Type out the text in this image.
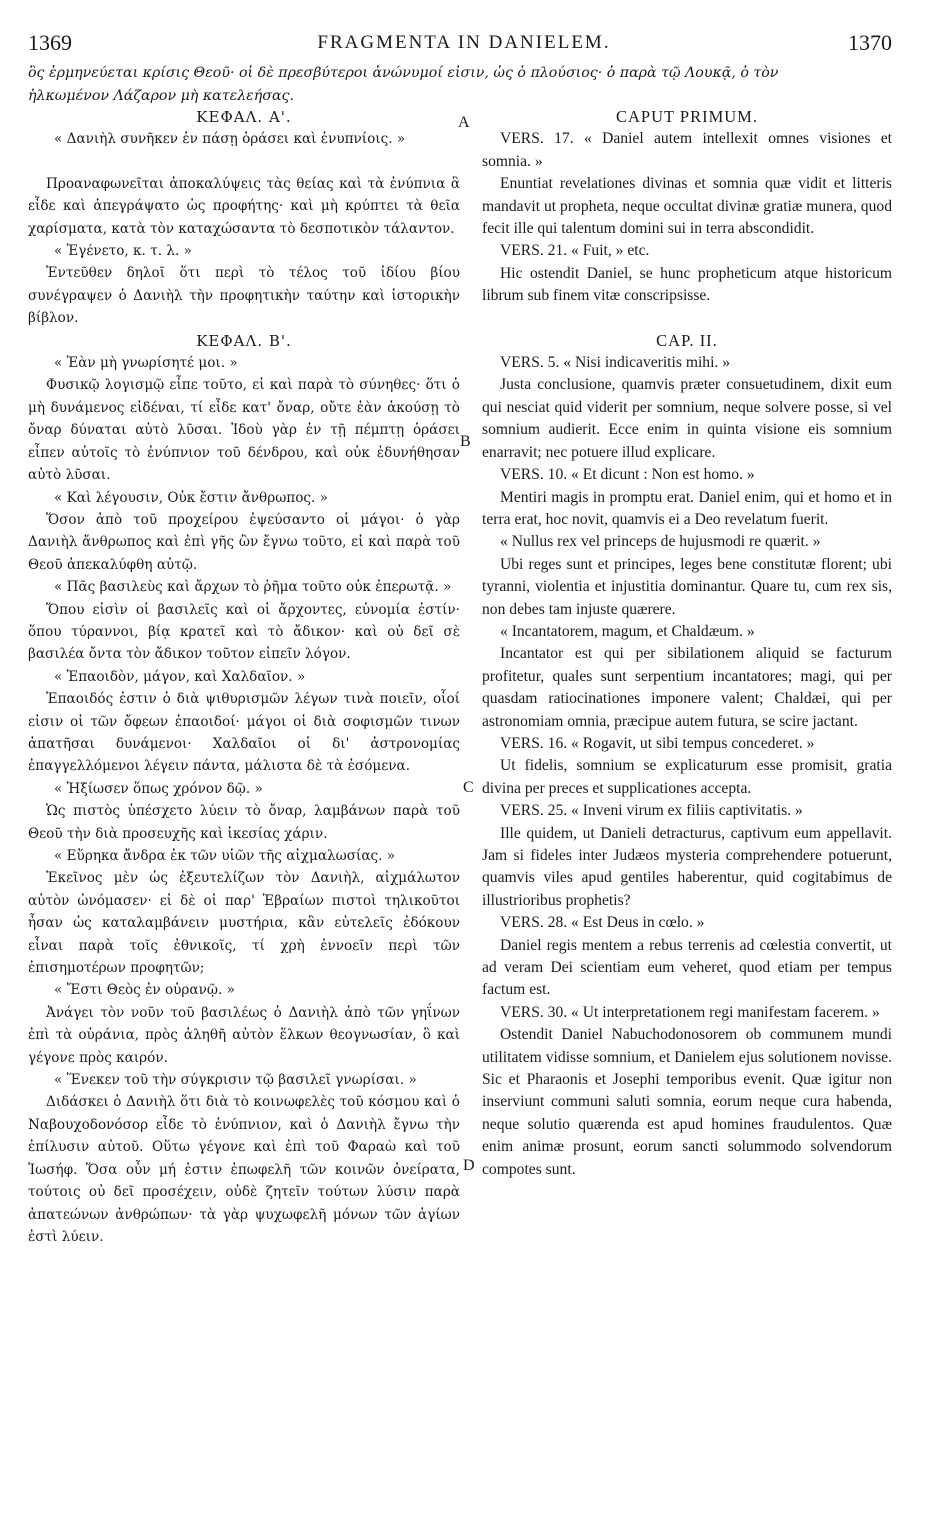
1369	FRAGMENTA IN DANIELEM.	1370

ὃς ἑρμηνεύεται κρίσις Θεοῦ· οἱ δὲ πρεσβύτεροι ἀνώνυμοί εἰσιν, ὡς ὁ πλούσιος· ὁ παρὰ τῷ Λουκᾷ, ὁ τὸν

ἡλκωμένον Λάζαρον μὴ κατελεήσας.

ΚΕΦΑΛ. Α'.

« Δανιὴλ συνῆκεν ἐν πάσῃ ὁράσει καὶ ἐνυπνίοις. »

Προαναφωνεῖται ἀποκαλύψεις τὰς θείας καὶ τὰ ἐνύπνια ἃ εἶδε καὶ ἀπεγράψατο ὡς προφήτης· καὶ μὴ κρύπτει τὰ θεῖα χαρίσματα, κατὰ τὸν καταχώσαντα τὸ δεσποτικὸν τάλαντον.

« Ἐγένετο, κ. τ. λ. »

Ἐντεῦθεν δηλοῖ ὅτι περὶ τὸ τέλος τοῦ ἰδίου βίου συνέγραψεν ὁ Δανιὴλ τὴν προφητικὴν ταύτην καὶ ἱστορικὴν βίβλον.

ΚΕΦΑΛ. Β'.

« Ἐὰν μὴ γνωρίσητέ μοι. »

Φυσικῷ λογισμῷ εἶπε τοῦτο, εἰ καὶ παρὰ τὸ σύνηθες· ὅτι ὁ μὴ δυνάμενος εἰδέναι, τί εἶδε κατ' ὄναρ, οὔτε ἐὰν ἀκούσῃ τὸ ὄναρ δύναται αὐτὸ λῦσαι. Ἰδοὺ γὰρ ἐν τῇ πέμπτῃ ὁράσει εἶπεν αὐτοῖς τὸ ἐνύπνιον τοῦ δένδρου, καὶ οὐκ ἐδυνήθησαν αὐτὸ λῦσαι.

« Καὶ λέγουσιν, Οὐκ ἔστιν ἄνθρωπος. »

Ὅσον ἀπὸ τοῦ προχείρου ἐψεύσαντο οἱ μάγοι· ὁ γὰρ Δανιὴλ ἄνθρωπος καὶ ἐπὶ γῆς ὢν ἔγνω τοῦτο, εἰ καὶ παρὰ τοῦ Θεοῦ ἀπεκαλύφθη αὐτῷ.

« Πᾶς βασιλεὺς καὶ ἄρχων τὸ ῥῆμα τοῦτο οὐκ ἐπερωτᾷ. »

Ὅπου εἰσὶν οἱ βασιλεῖς καὶ οἱ ἄρχοντες, εὐνομία ἐστίν· ὅπου τύραννοι, βίᾳ κρατεῖ καὶ τὸ ἄδικον· καὶ οὐ δεῖ σὲ βασιλέα ὄντα τὸν ἄδικον τοῦτον εἰπεῖν λόγον.

« Ἐπαοιδὸν, μάγον, καὶ Χαλδαῖον. »

Ἐπαοιδός ἐστιν ὁ διὰ ψιθυρισμῶν λέγων τινὰ ποιεῖν, οἷοί εἰσιν οἱ τῶν ὄφεων ἐπαοιδοί· μάγοι οἱ διὰ σοφισμῶν τινων ἀπατῆσαι δυνάμενοι· Χαλδαῖοι οἱ δι' ἀστρονομίας ἐπαγγελλόμενοι λέγειν πάντα, μάλιστα δὲ τὰ ἐσόμενα.

« Ἠξίωσεν ὅπως χρόνον δῷ. »

Ὡς πιστὸς ὑπέσχετο λύειν τὸ ὄναρ, λαμβάνων παρὰ τοῦ Θεοῦ τὴν διὰ προσευχῆς καὶ ἱκεσίας χάριν.

« Εὕρηκα ἄνδρα ἐκ τῶν υἱῶν τῆς αἰχμαλωσίας. »

Ἐκεῖνος μὲν ὡς ἐξευτελίζων τὸν Δανιὴλ, αἰχμάλωτον αὐτὸν ὠνόμασεν· εἰ δὲ οἱ παρ' Ἑβραίων πιστοὶ τηλικοῦτοι ἦσαν ὡς καταλαμβάνειν μυστήρια, κἂν εὐτελεῖς ἐδόκουν εἶναι παρὰ τοῖς ἐθνικοῖς, τί χρὴ ἐννοεῖν περὶ τῶν ἐπισημοτέρων προφητῶν;

« Ἔστι Θεὸς ἐν οὐρανῷ. »

Ἀνάγει τὸν νοῦν τοῦ βασιλέως ὁ Δανιὴλ ἀπὸ τῶν γηΐνων ἐπὶ τὰ οὐράνια, πρὸς ἀληθῆ αὐτὸν ἕλκων θεογνωσίαν, ὃ καὶ γέγονε πρὸς καιρόν.

« Ἕνεκεν τοῦ τὴν σύγκρισιν τῷ βασιλεῖ γνωρίσαι. »

Διδάσκει ὁ Δανιὴλ ὅτι διὰ τὸ κοινωφελὲς τοῦ κόσμου καὶ ὁ Ναβουχοδονόσορ εἶδε τὸ ἐνύπνιον, καὶ ὁ Δανιὴλ ἔγνω τὴν ἐπίλυσιν αὐτοῦ. Οὕτω γέγονε καὶ ἐπὶ τοῦ Φαραὼ καὶ τοῦ Ἰωσήφ. Ὅσα οὖν μή ἐστιν ἐπωφελῆ τῶν κοινῶν ὀνείρατα, τούτοις οὐ δεῖ προσέχειν, οὐδὲ ζητεῖν τούτων λύσιν παρὰ ἀπατεώνων ἀνθρώπων· τὰ γὰρ ψυχωφελῆ μόνων τῶν ἁγίων ἐστὶ λύειν.

A
B
C
D
CAPUT PRIMUM.

VERS. 17. « Daniel autem intellexit omnes visiones et somnia. »

Enuntiat revelationes divinas et somnia quæ vidit et litteris mandavit ut propheta, neque occultat divinæ gratiæ munera, quod fecit ille qui talentum domini sui in terra abscondidit.

VERS. 21. « Fuit, » etc.

Hic ostendit Daniel, se hunc propheticum atque historicum librum sub finem vitæ conscripsisse.

CAP. II.

VERS. 5. « Nisi indicaveritis mihi. »

Justa conclusione, quamvis præter consuetudinem, dixit eum qui nesciat quid viderit per somnium, neque solvere posse, si vel somnium audierit. Ecce enim in quinta visione eis somnium enarravit; nec potuere illud explicare.

VERS. 10. « Et dicunt : Non est homo. »

Mentiri magis in promptu erat. Daniel enim, qui et homo et in terra erat, hoc novit, quamvis ei a Deo revelatum fuerit.

« Nullus rex vel princeps de hujusmodi re quærit. »

Ubi reges sunt et principes, leges bene constitutæ florent; ubi tyranni, violentia et injustitia dominantur. Quare tu, cum rex sis, non debes tam injuste quærere.

« Incantatorem, magum, et Chaldæum. »

Incantator est qui per sibilationem aliquid se facturum profitetur, quales sunt serpentium incantatores; magi, qui per quasdam ratiocinationes imponere valent; Chaldæi, qui per astronomiam omnia, præcipue autem futura, se scire jactant.

VERS. 16. « Rogavit, ut sibi tempus concederet. »

Ut fidelis, somnium se explicaturum esse promisit, gratia divina per preces et supplicationes accepta.

VERS. 25. « Inveni virum ex filiis captivitatis. »

Ille quidem, ut Danieli detracturus, captivum eum appellavit. Jam si fideles inter Judæos mysteria comprehendere potuerunt, quamvis viles apud gentiles haberentur, quid cogitabimus de illustrioribus prophetis?

VERS. 28. « Est Deus in cœlo. »

Daniel regis mentem a rebus terrenis ad cœlestia convertit, ut ad veram Dei scientiam eum veheret, quod etiam per tempus factum est.

VERS. 30. « Ut interpretationem regi manifestam facerem. »

Ostendit Daniel Nabuchodonosorem ob communem mundi utilitatem vidisse somnium, et Danielem ejus solutionem novisse. Sic et Pharaonis et Josephi temporibus evenit. Quæ igitur non inserviunt communi saluti somnia, eorum neque cura habenda, neque solutio quærenda est apud homines fraudulentos. Quæ enim animæ prosunt, eorum sancti solummodo solvendorum compotes sunt.
